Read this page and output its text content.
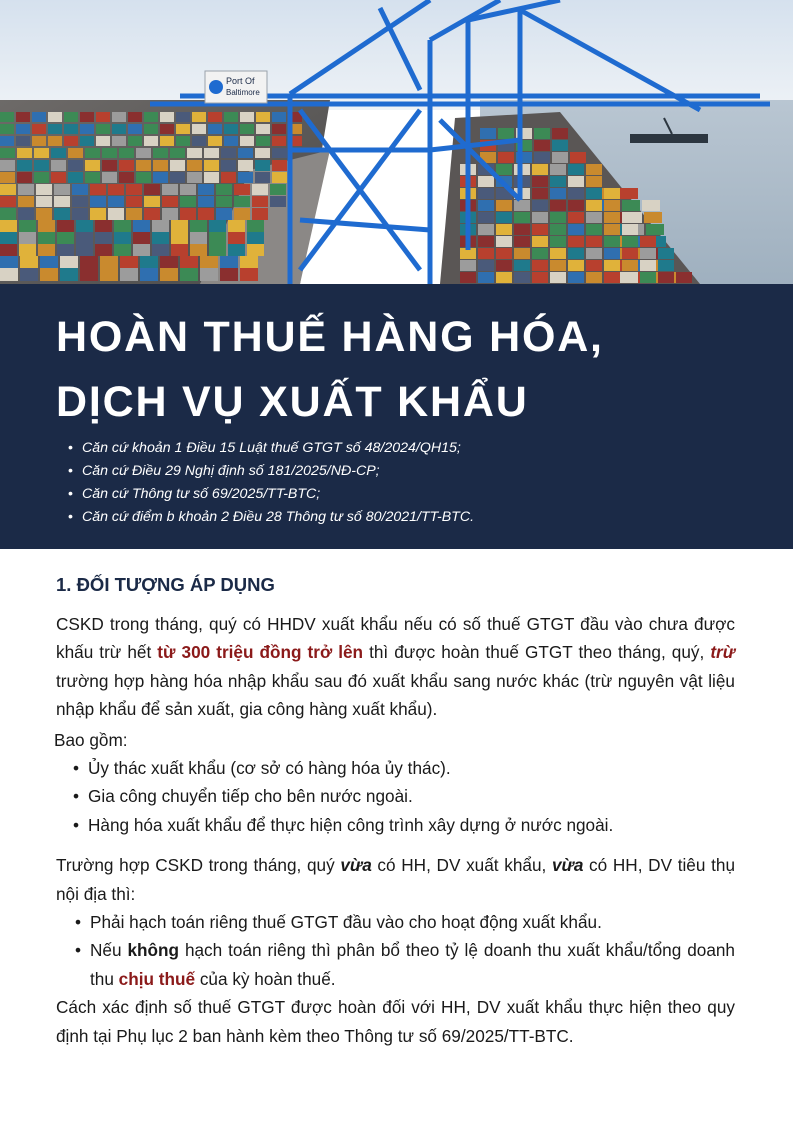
Port Of
Baltimore
HOÀN THUẾ HÀNG HÓA,
DỊCH VỤ XUẤT KHẨU
• Căn cứ khoản 1 Điều 15 Luật thuế GTGT số 48/2024/QH15;
• Căn cứ Điều 29 Nghị định số 181/2025/NĐ-CP;
• Căn cứ Thông tư số 69/2025/TT-BTC;
• Căn cứ điểm b khoản 2 Điều 28 Thông tư số 80/2021/TT-BTC.
1. ĐỐI TƯỢNG ÁP DỤNG

CSKD trong tháng, quý có HHDV xuất khẩu nếu có số thuế GTGT đầu vào chưa được khấu trừ hết từ 300 triệu đồng trở lên thì được hoàn thuế GTGT theo tháng, quý, trừ trường hợp hàng hóa nhập khẩu sau đó xuất khẩu sang nước khác (trừ nguyên vật liệu nhập khẩu để sản xuất, gia công hàng xuất khẩu).

Bao gồm:
• Ủy thác xuất khẩu (cơ sở có hàng hóa ủy thác).
• Gia công chuyển tiếp cho bên nước ngoài.
• Hàng hóa xuất khẩu để thực hiện công trình xây dựng ở nước ngoài.

Trường hợp CSKD trong tháng, quý vừa có HH, DV xuất khẩu, vừa có HH, DV tiêu thụ nội địa thì:

• Phải hạch toán riêng thuế GTGT đầu vào cho hoạt động xuất khẩu.
• Nếu không hạch toán riêng thì phân bổ theo tỷ lệ doanh thu xuất khẩu/tổng doanh thu chịu thuế của kỳ hoàn thuế.

Cách xác định số thuế GTGT được hoàn đối với HH, DV xuất khẩu thực hiện theo quy định tại Phụ lục 2 ban hành kèm theo Thông tư số 69/2025/TT-BTC.
